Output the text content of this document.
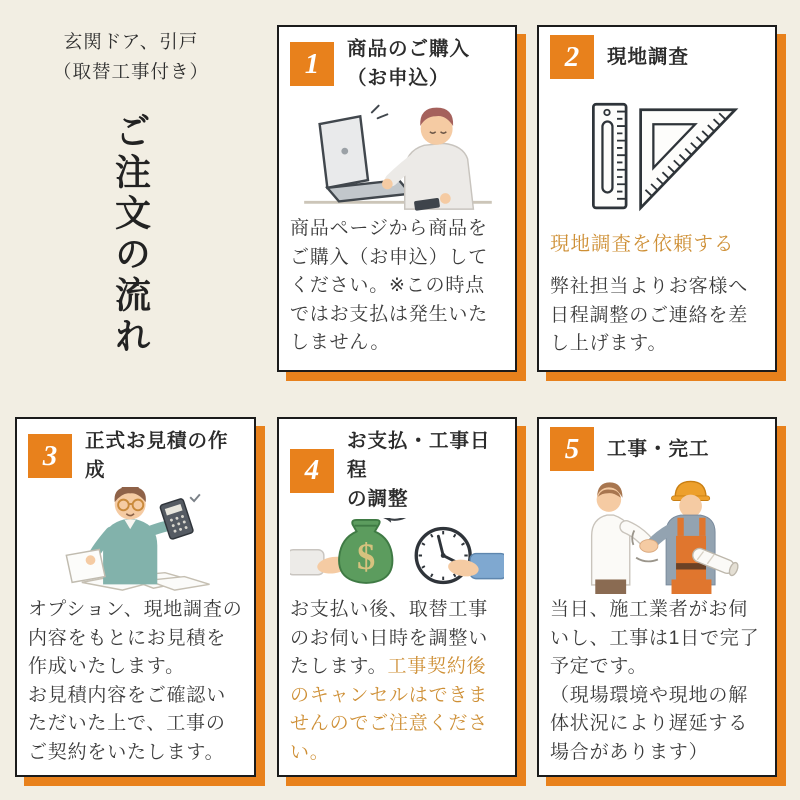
玄関ドア、引戸
（取替工事付き）
ご注文の流れ
1 商品のご購入
（お申込）

商品ページから商品をご購入（お申込）してください。※この時点ではお支払は発生いたしません。

2 現地調査

現地調査を依頼する

弊社担当よりお客様へ日程調整のご連絡を差し上げます。

3 正式お見積の作成

オプション、現地調査の内容をもとにお見積を作成いたします。
お見積内容をご確認いただいた上で、工事のご契約をいたします。

4
お支払・工事日程
の調整
$

お支払い後、取替工事のお伺い日時を調整いたします。工事契約後のキャンセルはできませんのでご注意ください。

5 工事・完工

当日、施工業者がお伺いし、工事は1日で完了予定です。
（現場環境や現地の解体状況により遅延する場合があります）
